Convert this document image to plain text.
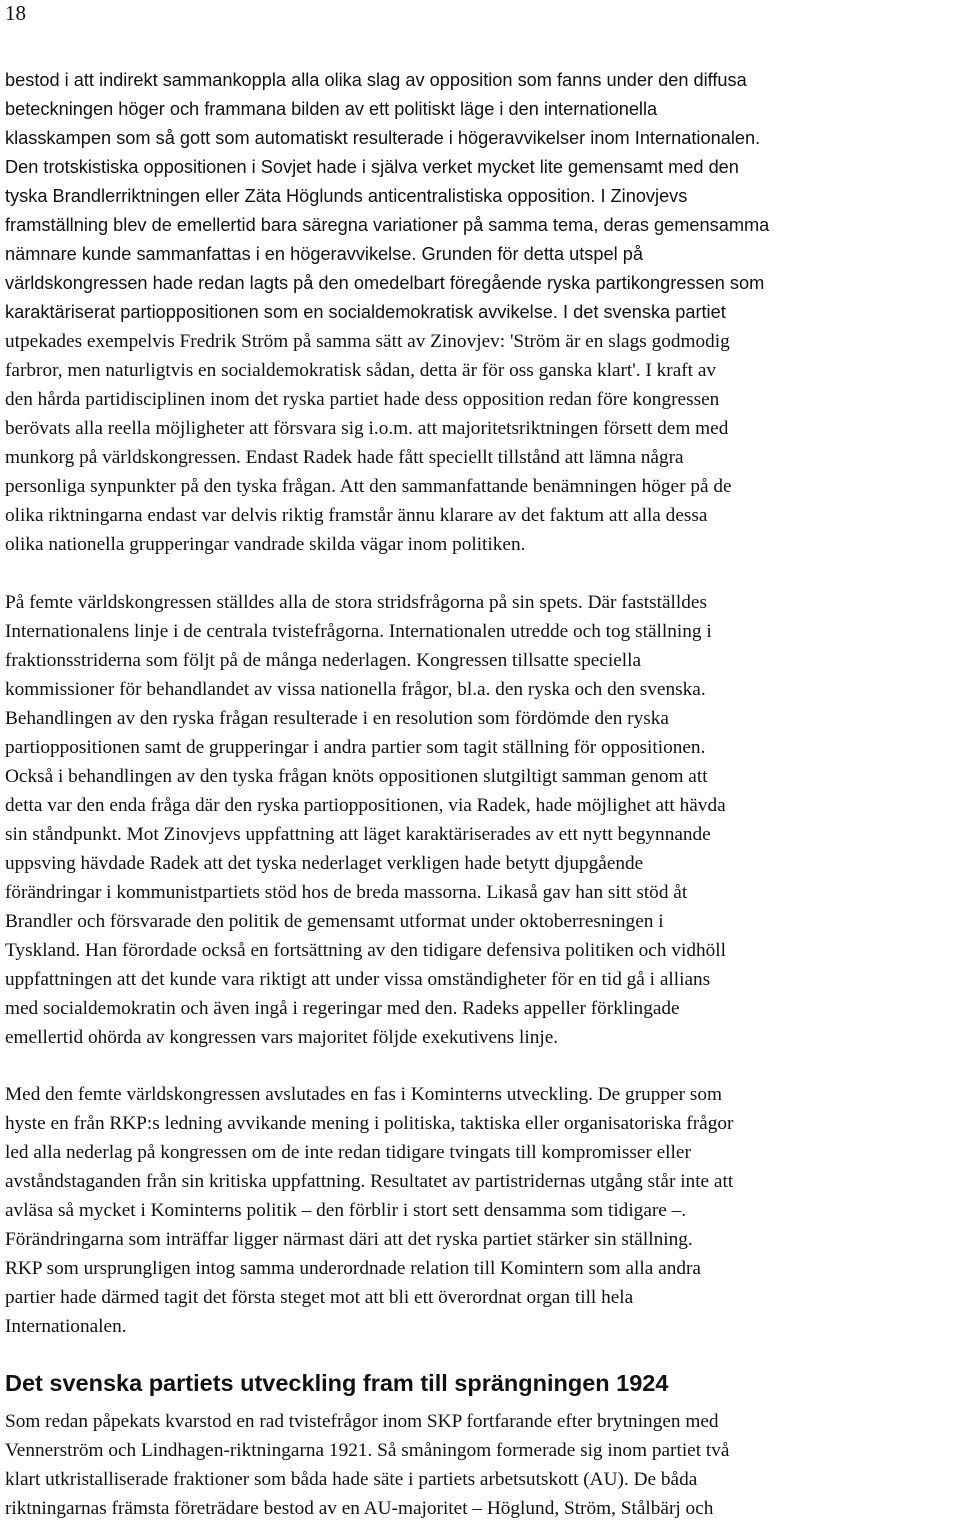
18

bestod i att indirekt sammankoppla alla olika slag av opposition som fanns under den diffusa
beteckningen höger och frammana bilden av ett politiskt läge i den internationella
klasskampen som så gott som automatiskt resulterade i högeravvikelser inom Internationalen.
Den trotskistiska oppositionen i Sovjet hade i själva verket mycket lite gemensamt med den
tyska Brandlerriktningen eller Zäta Höglunds anticentralistiska opposition. I Zinovjevs
framställning blev de emellertid bara säregna variationer på samma tema, deras gemensamma
nämnare kunde sammanfattas i en högeravvikelse. Grunden för detta utspel på
världskongressen hade redan lagts på den omedelbart föregående ryska partikongressen som
karaktäriserat partioppositionen som en socialdemokratisk avvikelse. I det svenska partiet
utpekades exempelvis Fredrik Ström på samma sätt av Zinovjev: 'Ström är en slags godmodig
farbror, men naturligtvis en socialdemokratisk sådan, detta är för oss ganska klart'. I kraft av
den hårda partidisciplinen inom det ryska partiet hade dess opposition redan före kongressen
berövats alla reella möjligheter att försvara sig i.o.m. att majoritetsriktningen försett dem med
munkorg på världskongressen. Endast Radek hade fått speciellt tillstånd att lämna några
personliga synpunkter på den tyska frågan. Att den sammanfattande benämningen höger på de
olika riktningarna endast var delvis riktig framstår ännu klarare av det faktum att alla dessa
olika nationella grupperingar vandrade skilda vägar inom politiken.

På femte världskongressen ställdes alla de stora stridsfrågorna på sin spets. Där fastställdes
Internationalens linje i de centrala tvistefrågorna. Internationalen utredde och tog ställning i
fraktionsstriderna som följt på de många nederlagen. Kongressen tillsatte speciella
kommissioner för behandlandet av vissa nationella frågor, bl.a. den ryska och den svenska.
Behandlingen av den ryska frågan resulterade i en resolution som fördömde den ryska
partioppositionen samt de grupperingar i andra partier som tagit ställning för oppositionen.
Också i behandlingen av den tyska frågan knöts oppositionen slutgiltigt samman genom att
detta var den enda fråga där den ryska partioppositionen, via Radek, hade möjlighet att hävda
sin ståndpunkt. Mot Zinovjevs uppfattning att läget karaktäriserades av ett nytt begynnande
uppsving hävdade Radek att det tyska nederlaget verkligen hade betytt djupgående
förändringar i kommunistpartiets stöd hos de breda massorna. Likaså gav han sitt stöd åt
Brandler och försvarade den politik de gemensamt utformat under oktoberresningen i
Tyskland. Han förordade också en fortsättning av den tidigare defensiva politiken och vidhöll
uppfattningen att det kunde vara riktigt att under vissa omständigheter för en tid gå i allians
med socialdemokratin och även ingå i regeringar med den. Radeks appeller förklingade
emellertid ohörda av kongressen vars majoritet följde exekutivens linje.

Med den femte världskongressen avslutades en fas i Kominterns utveckling. De grupper som
hyste en från RKP:s ledning avvikande mening i politiska, taktiska eller organisatoriska frågor
led alla nederlag på kongressen om de inte redan tidigare tvingats till kompromisser eller
avståndstaganden från sin kritiska uppfattning. Resultatet av partistridernas utgång står inte att
avläsa så mycket i Kominterns politik – den förblir i stort sett densamma som tidigare –.
Förändringarna som inträffar ligger närmast däri att det ryska partiet stärker sin ställning.
RKP som ursprungligen intog samma underordnade relation till Komintern som alla andra
partier hade därmed tagit det första steget mot att bli ett överordnat organ till hela
Internationalen.

Det svenska partiets utveckling fram till sprängningen 1924

Som redan påpekats kvarstod en rad tvistefrågor inom SKP fortfarande efter brytningen med
Vennerström och Lindhagen-riktningarna 1921. Så småningom formerade sig inom partiet två
klart utkristalliserade fraktioner som båda hade säte i partiets arbetsutskott (AU). De båda
riktningarnas främsta företrädare bestod av en AU-majoritet – Höglund, Ström, Stålbärj och
